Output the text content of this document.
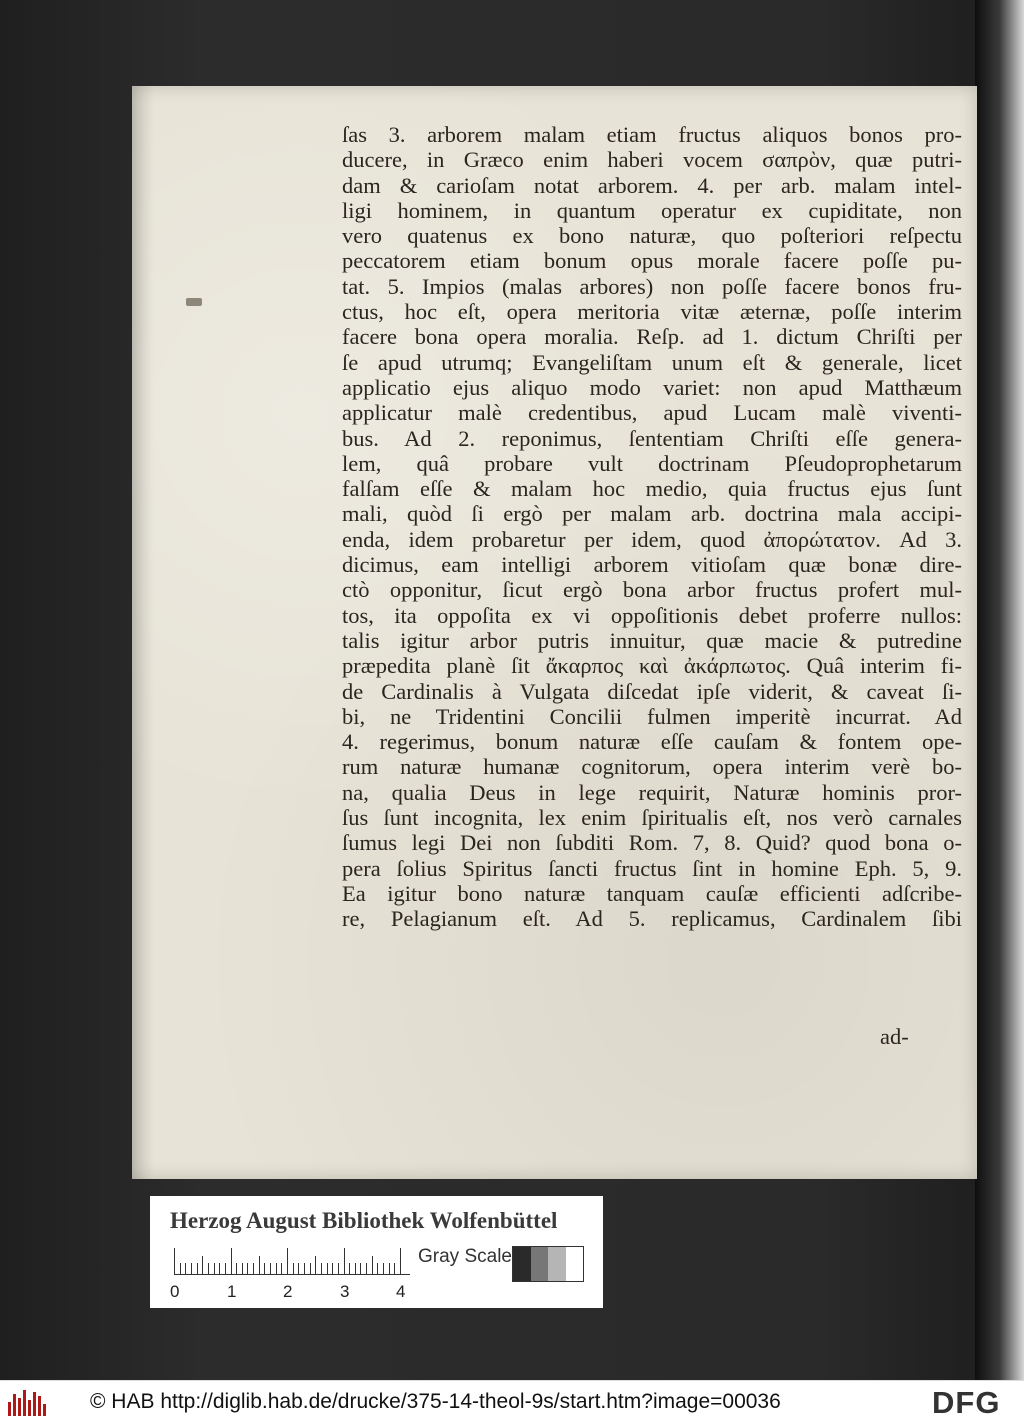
ſas 3. arborem malam etiam fructus aliquos bonos pro-
ducere, in Græco enim haberi vocem σαπρὸν, quæ putri-
dam & carioſam notat arborem. 4. per arb. malam intel-
ligi hominem, in quantum operatur ex cupiditate, non
vero quatenus ex bono naturæ, quo poſteriori reſpectu
peccatorem etiam bonum opus morale facere poſſe pu-
tat. 5. Impios (malas arbores) non poſſe facere bonos fru-
ctus, hoc eſt, opera meritoria vitæ æternæ, poſſe interim
facere bona opera moralia. Reſp. ad 1. dictum Chriſti per
ſe apud utrumq; Evangeliſtam unum eſt & generale, licet
applicatio ejus aliquo modo variet: non apud Matthæum
applicatur malè credentibus, apud Lucam malè viventi-
bus. Ad 2. reponimus, ſententiam Chriſti eſſe genera-
lem, quâ probare vult doctrinam Pſeudoprophetarum
falſam eſſe & malam hoc medio, quia fructus ejus ſunt
mali, quòd ſi ergò per malam arb. doctrina mala accipi-
enda, idem probaretur per idem, quod ἀπορώτατον. Ad 3.
dicimus, eam intelligi arborem vitioſam quæ bonæ dire-
ctò opponitur, ſicut ergò bona arbor fructus profert mul-
tos, ita oppoſita ex vi oppoſitionis debet proferre nullos:
talis igitur arbor putris innuitur, quæ macie & putredine
præpedita planè ſit ἄκαρπος καὶ ἀκάρπωτος. Quâ interim fi-
de Cardinalis à Vulgata diſcedat ipſe viderit, & caveat ſi-
bi, ne Tridentini Concilii fulmen imperitè incurrat. Ad
4. regerimus, bonum naturæ eſſe cauſam & fontem ope-
rum naturæ humanæ cognitorum, opera interim verè bo-
na, qualia Deus in lege requirit, Naturæ hominis pror-
ſus ſunt incognita, lex enim ſpiritualis eſt, nos verò carnales
ſumus legi Dei non ſubditi Rom. 7, 8. Quid? quod bona o-
pera ſolius Spiritus ſancti fructus ſint in homine Eph. 5, 9.
Ea igitur bono naturæ tanquam cauſæ efficienti adſcribe-
re, Pelagianum eſt. Ad 5. replicamus, Cardinalem ſibi
ad-
Herzog August Bibliothek Wolfenbüttel
0	1	2	3	4
Gray Scale
© HAB http://diglib.hab.de/drucke/375-14-theol-9s/start.htm?image=00036	DFG
